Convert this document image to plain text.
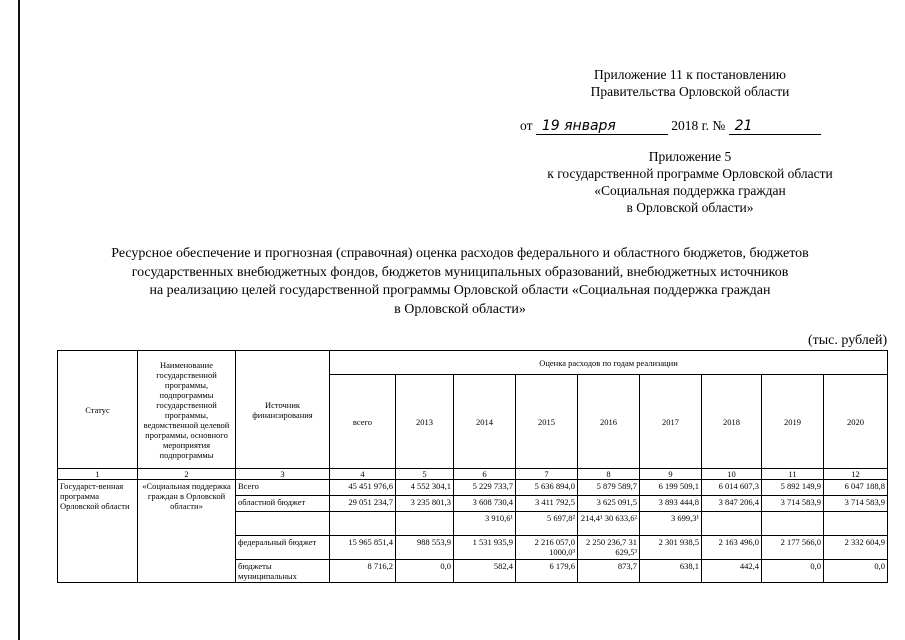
Приложение 11 к постановлению
Правительства Орловской области
от 19 января	2018 г. № 21
Приложение 5
к государственной программе Орловской области
«Социальная поддержка граждан
в Орловской области»
Ресурсное обеспечение и прогнозная (справочная) оценка расходов федерального и областного бюджетов, бюджетов
государственных внебюджетных фондов, бюджетов муниципальных образований, внебюджетных источников
на реализацию целей государственной программы Орловской области «Социальная поддержка граждан
в Орловской области»
(тыс. рублей)
Статус	Наименование государственной программы, подпрограммы государственной программы, ведомственной целевой программы, основного мероприятия подпрограммы	Источник финансирования	Оценка расходов по годам реализации								
			всего	2013	2014	2015	2016	2017	2018	2019	2020
1	2	3	4	5	6	7	8	9	10	11	12
Государст-венная программа Орловской области	«Социальная поддержка граждан в Орловской области»	Всего	45 451 976,6	4 552 304,1	5 229 733,7	5 636 894,0	5 879 589,7	6 199 509,1	6 014 607,3	5 892 149,9	6 047 188,8
		областной бюджет	29 051 234,7	3 235 801,3	3 608 730,4	3 411 792,5	3 625 091,5	3 893 444,8	3 847 206,4	3 714 583,9	3 714 583,9
					3 910,6¹	5 697,8²	214,4¹ 30 633,6²	3 699,3¹			
		федеральный бюджет	15 965 851,4	988 553,9	1 531 935,9	2 216 057,0 1000,0³	2 250 236,7 31 629,5³	2 301 938,5	2 163 496,0	2 177 566,0	2 332 604,9
		бюджеты муниципальных	8 716,2	0,0	582,4	6 179,6	873,7	638,1	442,4	0,0	0,0
